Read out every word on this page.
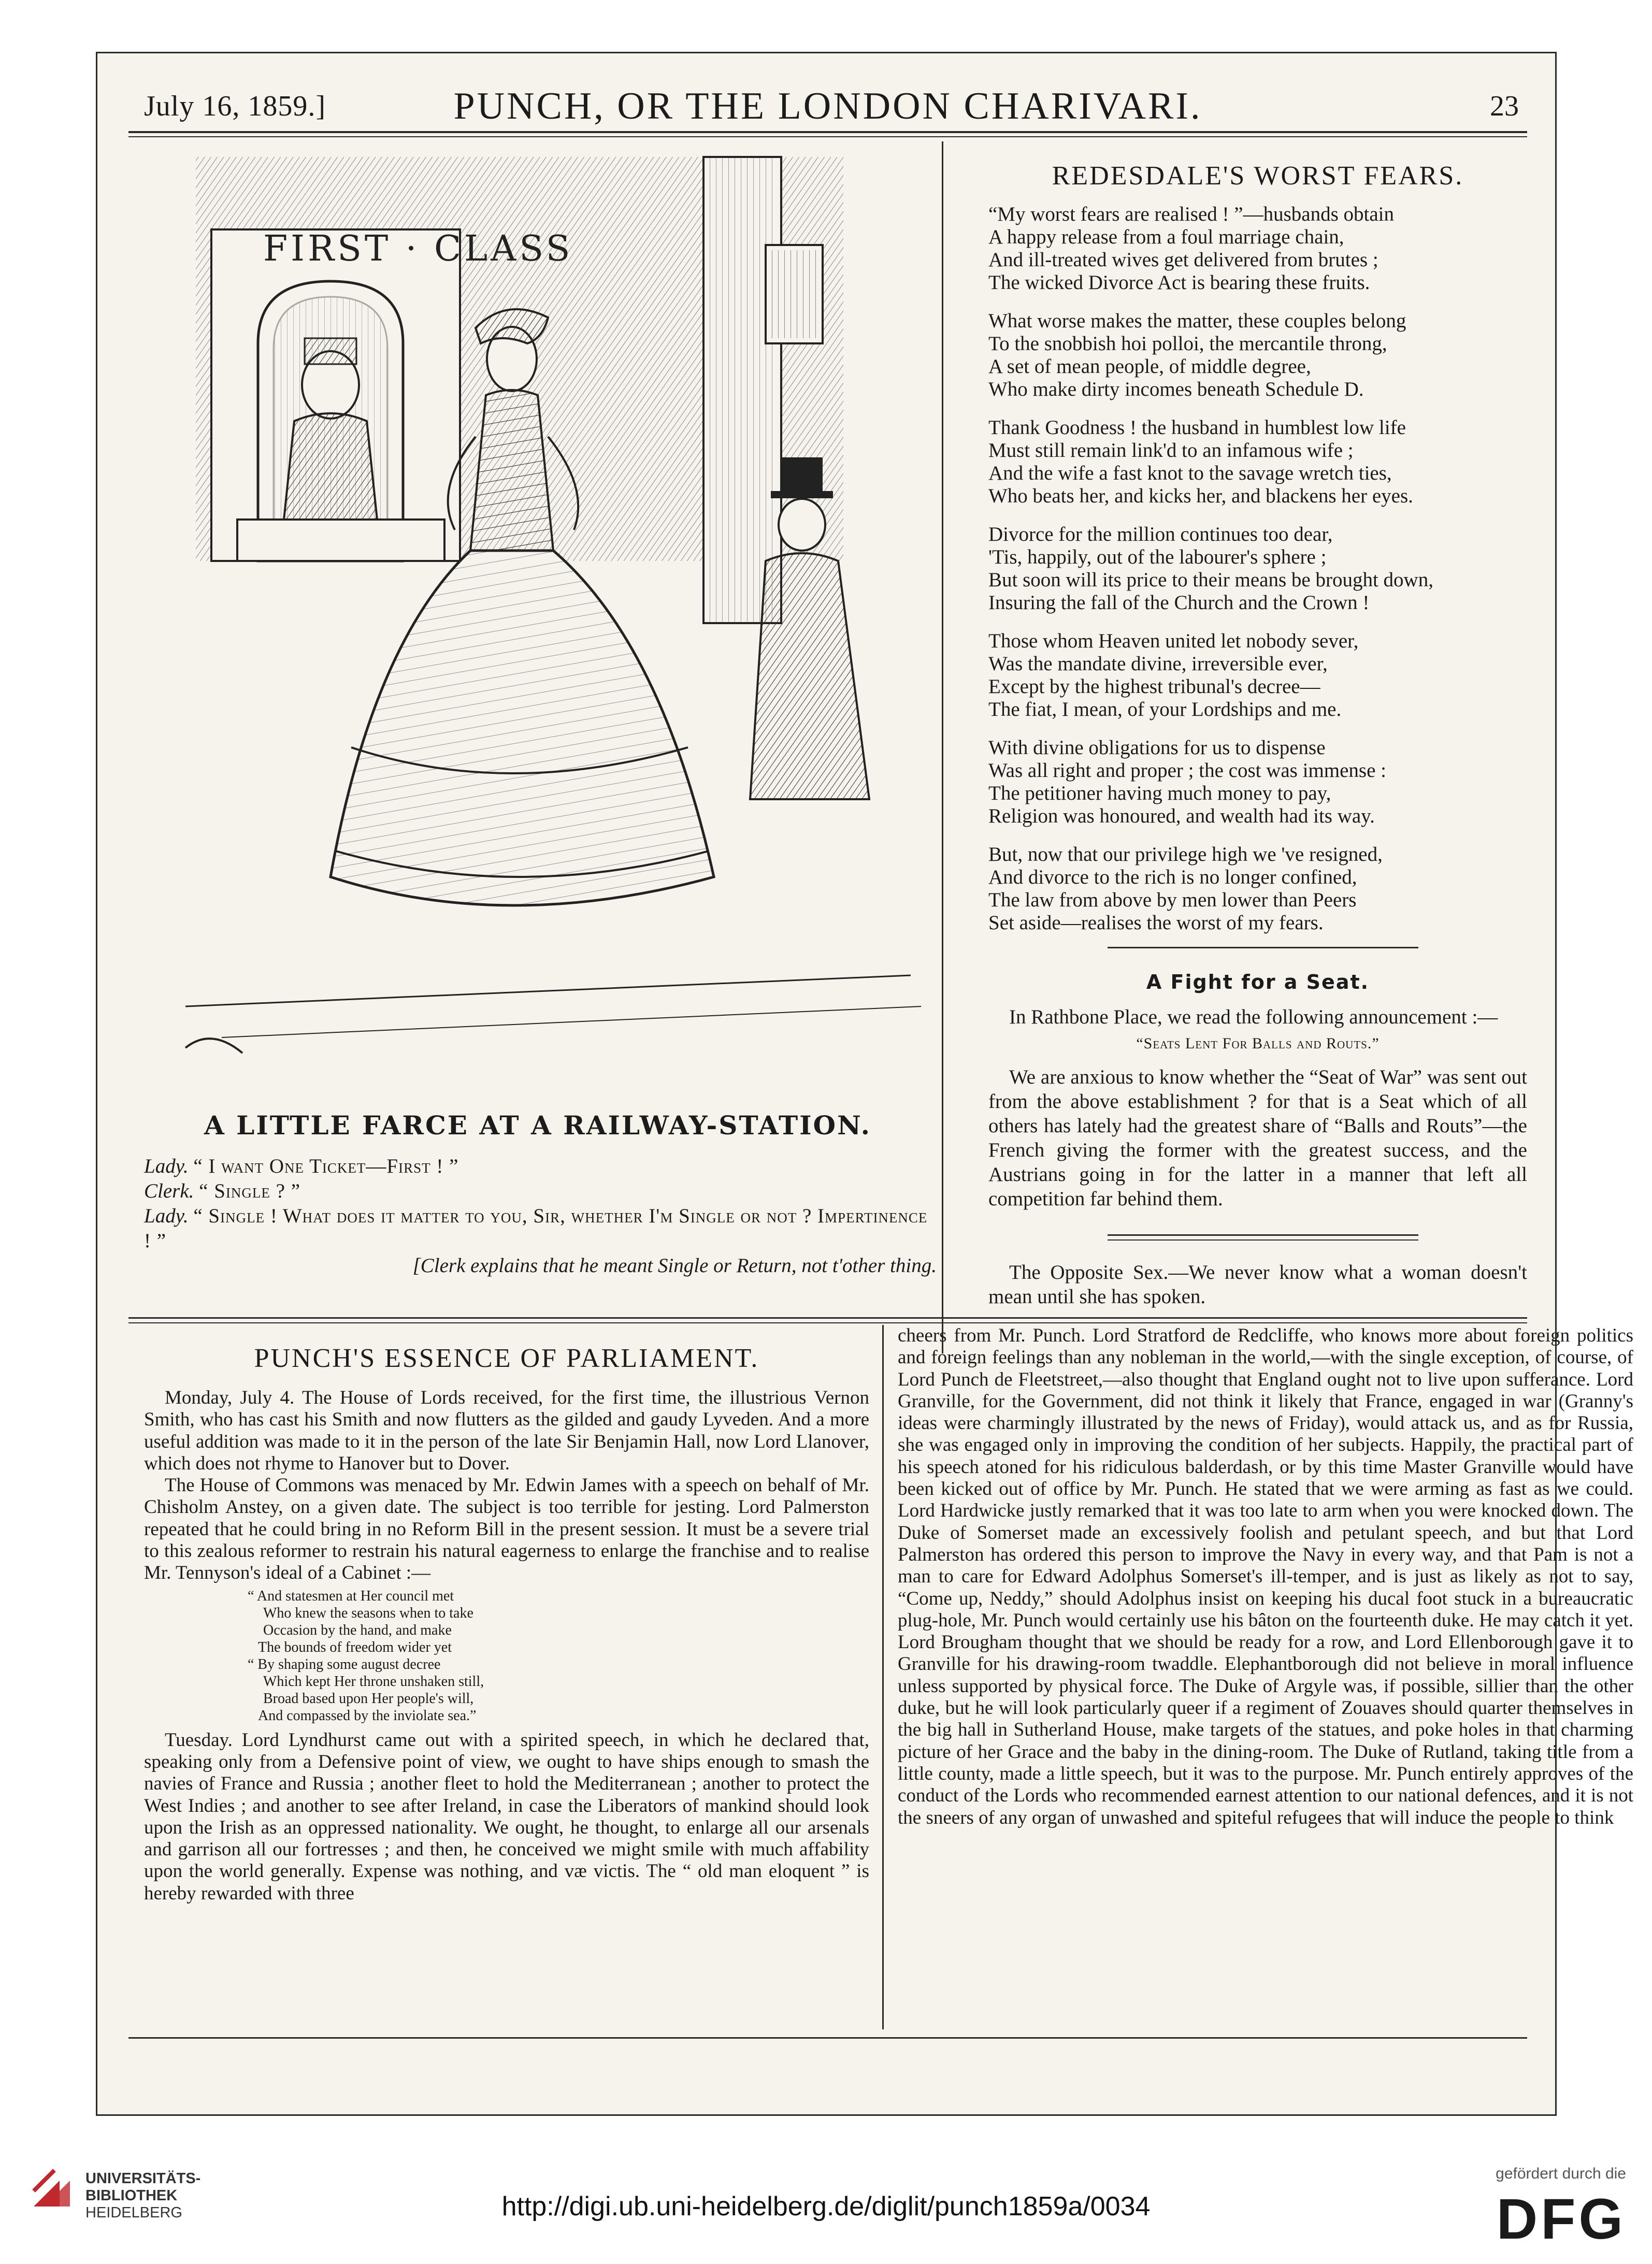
July 16, 1859.]	PUNCH, OR THE LONDON CHARIVARI.	23
FIRST · CLASS
A LITTLE FARCE AT A RAILWAY-STATION.

Lady. “ I want One Ticket—First ! ”

Clerk. “ Single ? ”

Lady. “ Single ! What does it matter to you, Sir, whether I'm Single or not ? Impertinence ! ”

[Clerk explains that he meant Single or Return, not t'other thing.

REDESDALE'S WORST FEARS.
“My worst fears are realised ! ”—husbands obtain
A happy release from a foul marriage chain,
And ill-treated wives get delivered from brutes ;
The wicked Divorce Act is bearing these fruits.
What worse makes the matter, these couples belong
To the snobbish hoi polloi, the mercantile throng,
A set of mean people, of middle degree,
Who make dirty incomes beneath Schedule D.
Thank Goodness ! the husband in humblest low life
Must still remain link'd to an infamous wife ;
And the wife a fast knot to the savage wretch ties,
Who beats her, and kicks her, and blackens her eyes.
Divorce for the million continues too dear,
'Tis, happily, out of the labourer's sphere ;
But soon will its price to their means be brought down,
Insuring the fall of the Church and the Crown !
Those whom Heaven united let nobody sever,
Was the mandate divine, irreversible ever,
Except by the highest tribunal's decree—
The fiat, I mean, of your Lordships and me.
With divine obligations for us to dispense
Was all right and proper ; the cost was immense :
The petitioner having much money to pay,
Religion was honoured, and wealth had its way.
But, now that our privilege high we 've resigned,
And divorce to the rich is no longer confined,
The law from above by men lower than Peers
Set aside—realises the worst of my fears.
A Fight for a Seat.

In Rathbone Place, we read the following announcement :—

“Seats Lent For Balls and Routs.”

We are anxious to know whether the “Seat of War” was sent out from the above establishment ? for that is a Seat which of all others has lately had the greatest share of “Balls and Routs”—the French giving the former with the greatest success, and the Austrians going in for the latter in a manner that left all competition far behind them.

The Opposite Sex.—We never know what a woman doesn't mean until she has spoken.
PUNCH'S ESSENCE OF PARLIAMENT.

Monday, July 4. The House of Lords received, for the first time, the illustrious Vernon Smith, who has cast his Smith and now flutters as the gilded and gaudy Lyveden. And a more useful addition was made to it in the person of the late Sir Benjamin Hall, now Lord Llanover, which does not rhyme to Hanover but to Dover.

The House of Commons was menaced by Mr. Edwin James with a speech on behalf of Mr. Chisholm Anstey, on a given date. The subject is too terrible for jesting. Lord Palmerston repeated that he could bring in no Reform Bill in the present session. It must be a severe trial to this zealous reformer to restrain his natural eagerness to enlarge the franchise and to realise Mr. Tennyson's ideal of a Cabinet :—

“ And statesmen at Her council met
Who knew the seasons when to take
Occasion by the hand, and make
The bounds of freedom wider yet
“ By shaping some august decree
Which kept Her throne unshaken still,
Broad based upon Her people's will,
And compassed by the inviolate sea.”

Tuesday. Lord Lyndhurst came out with a spirited speech, in which he declared that, speaking only from a Defensive point of view, we ought to have ships enough to smash the navies of France and Russia ; another fleet to hold the Mediterranean ; another to protect the West Indies ; and another to see after Ireland, in case the Liberators of mankind should look upon the Irish as an oppressed nationality. We ought, he thought, to enlarge all our arsenals and garrison all our fortresses ; and then, he conceived we might smile with much affability upon the world generally. Expense was nothing, and væ victis. The “ old man eloquent ” is hereby rewarded with three

cheers from Mr. Punch. Lord Stratford de Redcliffe, who knows more about foreign politics and foreign feelings than any nobleman in the world,—with the single exception, of course, of Lord Punch de Fleetstreet,—also thought that England ought not to live upon sufferance. Lord Granville, for the Government, did not think it likely that France, engaged in war (Granny's ideas were charmingly illustrated by the news of Friday), would attack us, and as for Russia, she was engaged only in improving the condition of her subjects. Happily, the practical part of his speech atoned for his ridiculous balderdash, or by this time Master Granville would have been kicked out of office by Mr. Punch. He stated that we were arming as fast as we could. Lord Hardwicke justly remarked that it was too late to arm when you were knocked down. The Duke of Somerset made an excessively foolish and petulant speech, and but that Lord Palmerston has ordered this person to improve the Navy in every way, and that Pam is not a man to care for Edward Adolphus Somerset's ill-temper, and is just as likely as not to say, “Come up, Neddy,” should Adolphus insist on keeping his ducal foot stuck in a bureaucratic plug-hole, Mr. Punch would certainly use his bâton on the fourteenth duke. He may catch it yet. Lord Brougham thought that we should be ready for a row, and Lord Ellenborough gave it to Granville for his drawing-room twaddle. Elephantborough did not believe in moral influence unless supported by physical force. The Duke of Argyle was, if possible, sillier than the other duke, but he will look particularly queer if a regiment of Zouaves should quarter themselves in the big hall in Sutherland House, make targets of the statues, and poke holes in that charming picture of her Grace and the baby in the dining-room. The Duke of Rutland, taking title from a little county, made a little speech, but it was to the purpose. Mr. Punch entirely approves of the conduct of the Lords who recommended earnest attention to our national defences, and it is not the sneers of any organ of unwashed and spiteful refugees that will induce the people to think

UNIVERSITÄTS-
BIBLIOTHEK
HEIDELBERG	http://digi.ub.uni-heidelberg.de/diglit/punch1859a/0034
gefördert durch die
DFG
